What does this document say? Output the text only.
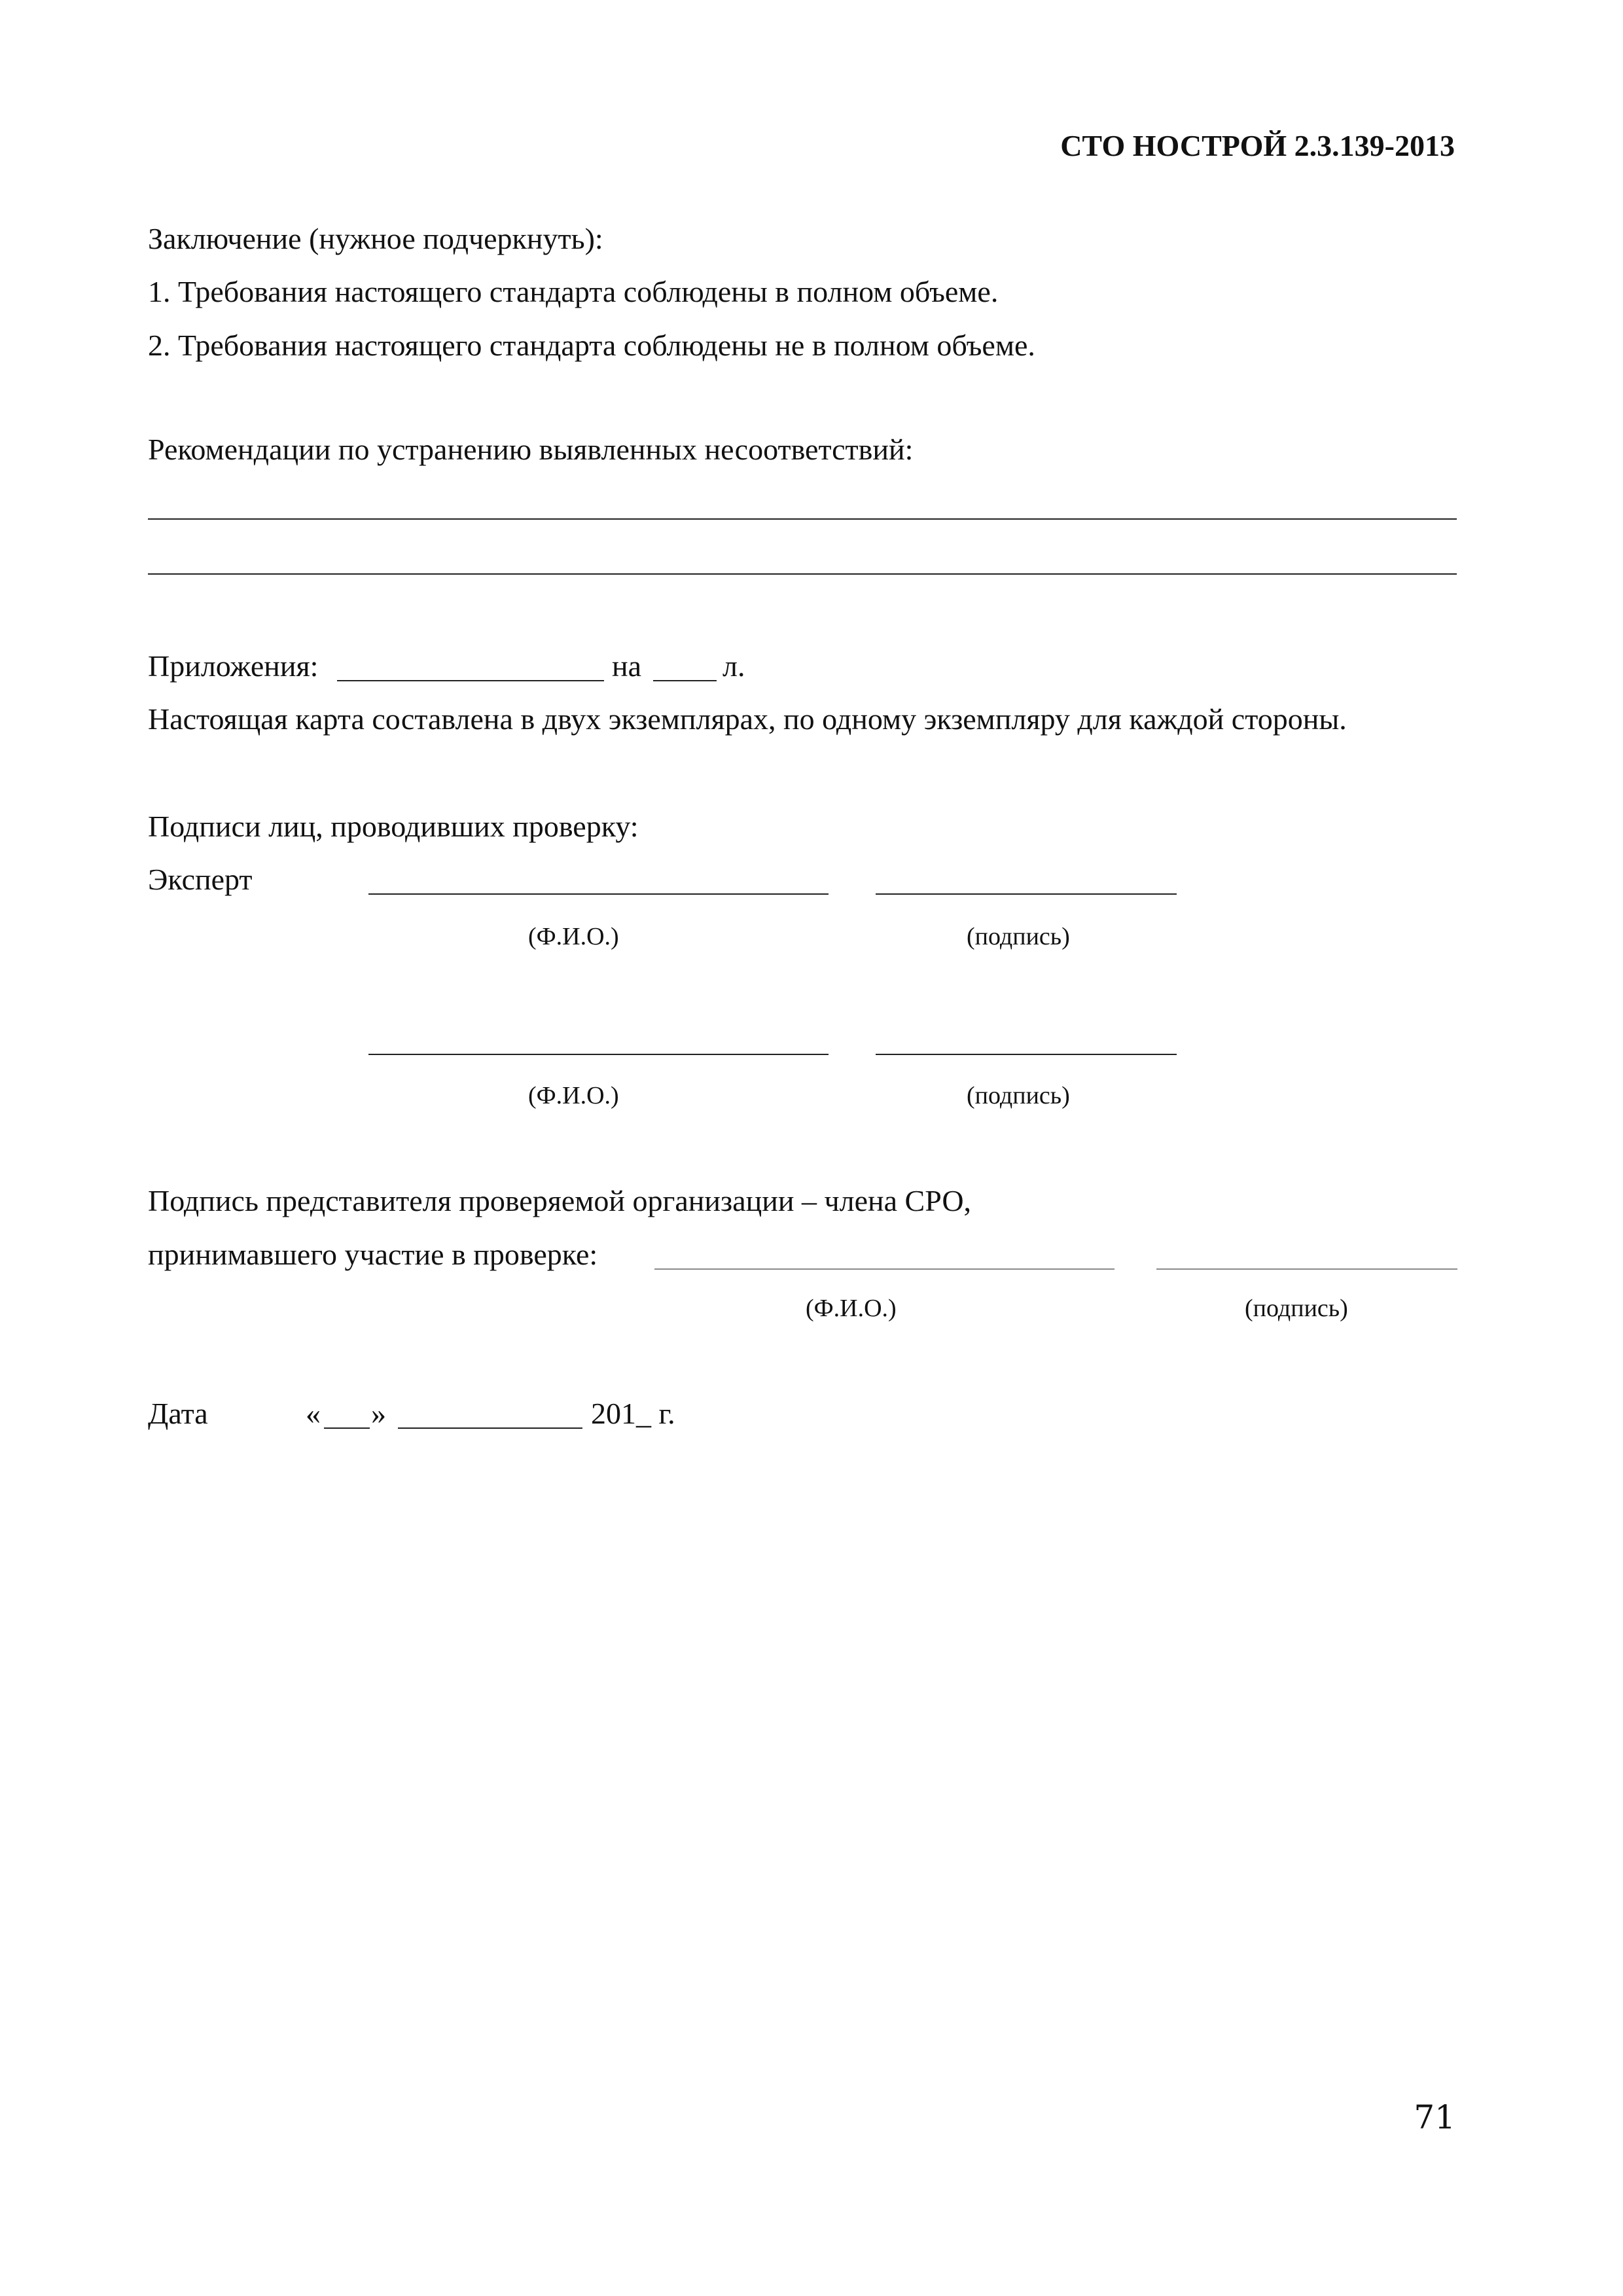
СТО НОСТРОЙ 2.3.139-2013
Заключение (нужное подчеркнуть):
1. Требования настоящего стандарта соблюдены в полном объеме.
2. Требования настоящего стандарта соблюдены не в полном объеме.
Рекомендации по устранению выявленных несоответствий:
Приложения:	на	л.
Настоящая карта составлена в двух экземплярах, по одному экземпляру для каждой стороны.
Подписи лиц, проводивших проверку:
Эксперт
(Ф.И.О.)	(подпись)
(Ф.И.О.)	(подпись)
Подпись представителя проверяемой организации – члена СРО,
принимавшего участие в проверке:
(Ф.И.О.)	(подпись)
Дата	« »	201_ г.
71
